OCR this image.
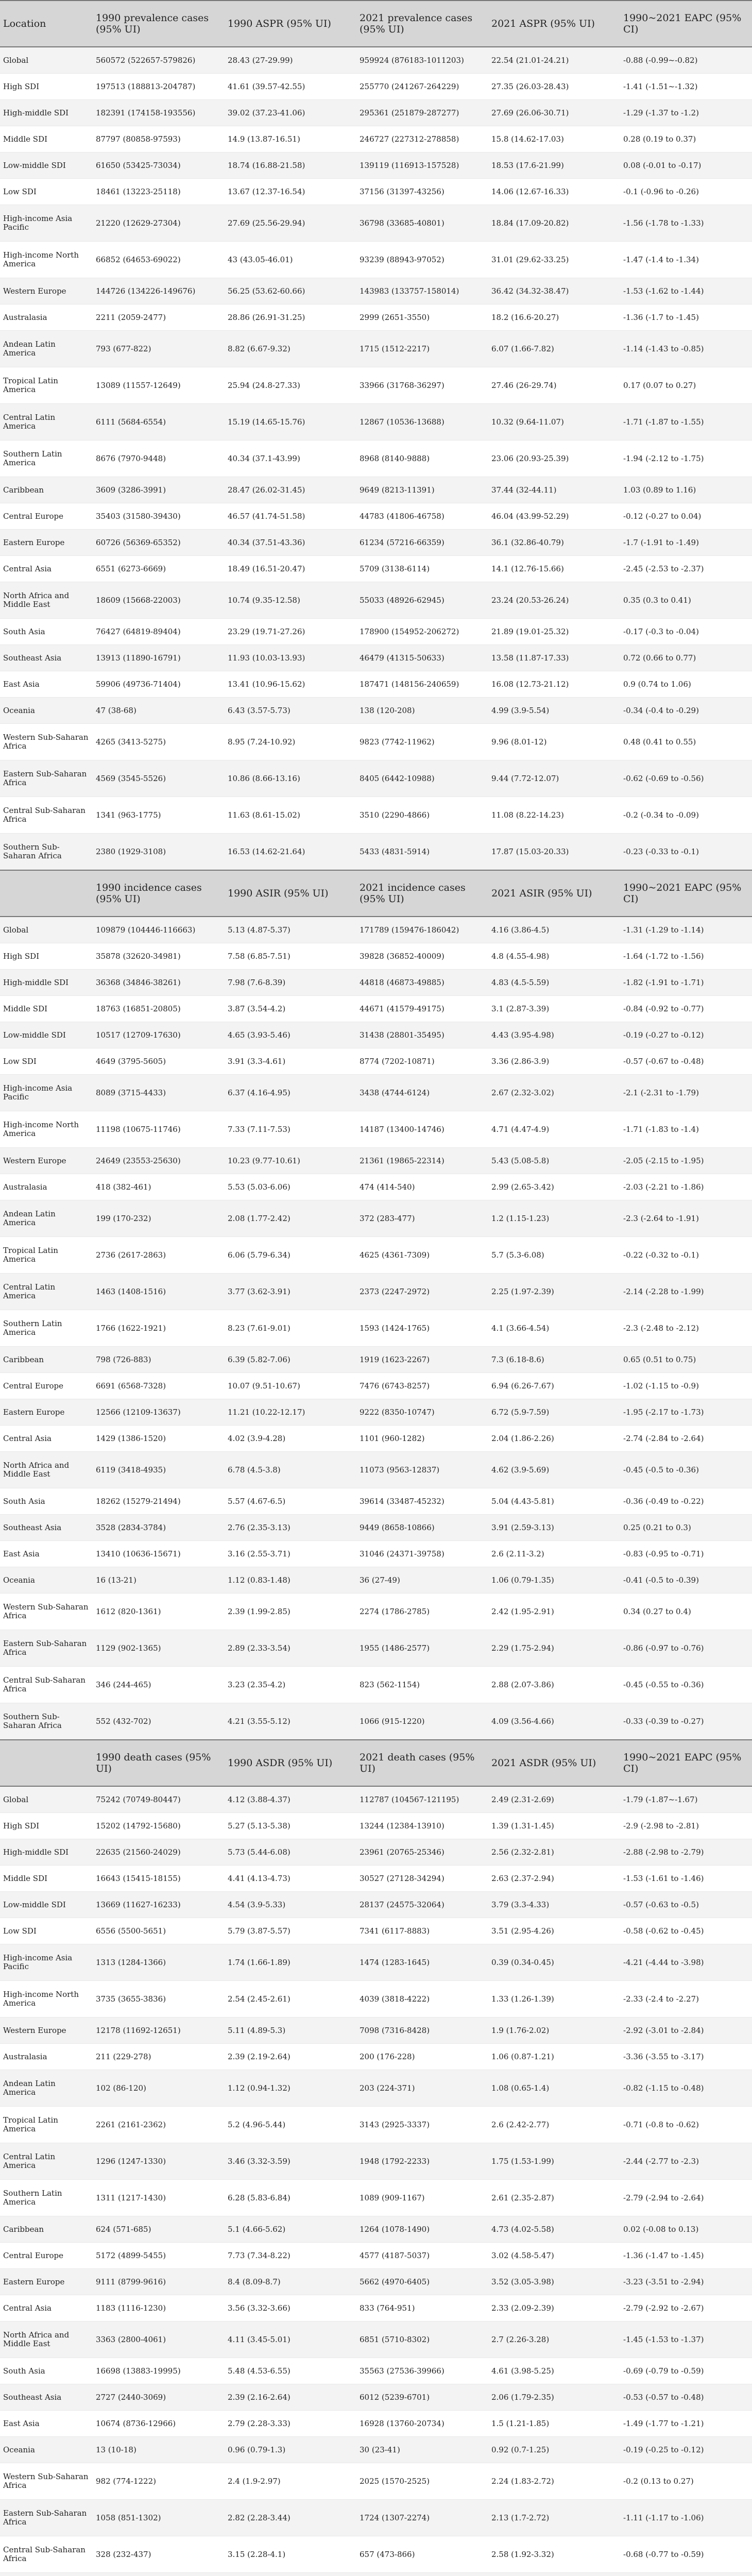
Location	1990 prevalence cases (95% UI)	1990 ASPR (95% UI)	2021 prevalence cases (95% UI)	2021 ASPR (95% UI)	1990~2021 EAPC (95% CI)
Global	560572 (522657-579826)	28.43 (27-29.99)	959924 (876183-1011203)	22.54 (21.01-24.21)	-0.88 (-0.99~-0.82)
High SDI	197513 (188813-204787)	41.61 (39.57-42.55)	255770 (241267-264229)	27.35 (26.03-28.43)	-1.41 (-1.51~-1.32)
High-middle SDI	182391 (174158-193556)	39.02 (37.23-41.06)	295361 (251879-287277)	27.69 (26.06-30.71)	-1.29 (-1.37 to -1.2)
Middle SDI	87797 (80858-97593)	14.9 (13.87-16.51)	246727 (227312-278858)	15.8 (14.62-17.03)	0.28 (0.19 to 0.37)
Low-middle SDI	61650 (53425-73034)	18.74 (16.88-21.58)	139119 (116913-157528)	18.53 (17.6-21.99)	0.08 (-0.01 to -0.17)
Low SDI	18461 (13223-25118)	13.67 (12.37-16.54)	37156 (31397-43256)	14.06 (12.67-16.33)	-0.1 (-0.96 to -0.26)
High-income Asia Pacific	21220 (12629-27304)	27.69 (25.56-29.94)	36798 (33685-40801)	18.84 (17.09-20.82)	-1.56 (-1.78 to -1.33)
High-income North America	66852 (64653-69022)	43 (43.05-46.01)	93239 (88943-97052)	31.01 (29.62-33.25)	-1.47 (-1.4 to -1.34)
Western Europe	144726 (134226-149676)	56.25 (53.62-60.66)	143983 (133757-158014)	36.42 (34.32-38.47)	-1.53 (-1.62 to -1.44)
Australasia	2211 (2059-2477)	28.86 (26.91-31.25)	2999 (2651-3550)	18.2 (16.6-20.27)	-1.36 (-1.7 to -1.45)
Andean Latin America	793 (677-822)	8.82 (6.67-9.32)	1715 (1512-2217)	6.07 (1.66-7.82)	-1.14 (-1.43 to -0.85)
Tropical Latin America	13089 (11557-12649)	25.94 (24.8-27.33)	33966 (31768-36297)	27.46 (26-29.74)	0.17 (0.07 to 0.27)
Central Latin America	6111 (5684-6554)	15.19 (14.65-15.76)	12867 (10536-13688)	10.32 (9.64-11.07)	-1.71 (-1.87 to -1.55)
Southern Latin America	8676 (7970-9448)	40.34 (37.1-43.99)	8968 (8140-9888)	23.06 (20.93-25.39)	-1.94 (-2.12 to -1.75)
Caribbean	3609 (3286-3991)	28.47 (26.02-31.45)	9649 (8213-11391)	37.44 (32-44.11)	1.03 (0.89 to 1.16)
Central Europe	35403 (31580-39430)	46.57 (41.74-51.58)	44783 (41806-46758)	46.04 (43.99-52.29)	-0.12 (-0.27 to 0.04)
Eastern Europe	60726 (56369-65352)	40.34 (37.51-43.36)	61234 (57216-66359)	36.1 (32.86-40.79)	-1.7 (-1.91 to -1.49)
Central Asia	6551 (6273-6669)	18.49 (16.51-20.47)	5709 (3138-6114)	14.1 (12.76-15.66)	-2.45 (-2.53 to -2.37)
North Africa and Middle East	18609 (15668-22003)	10.74 (9.35-12.58)	55033 (48926-62945)	23.24 (20.53-26.24)	0.35 (0.3 to 0.41)
South Asia	76427 (64819-89404)	23.29 (19.71-27.26)	178900 (154952-206272)	21.89 (19.01-25.32)	-0.17 (-0.3 to -0.04)
Southeast Asia	13913 (11890-16791)	11.93 (10.03-13.93)	46479 (41315-50633)	13.58 (11.87-17.33)	0.72 (0.66 to 0.77)
East Asia	59906 (49736-71404)	13.41 (10.96-15.62)	187471 (148156-240659)	16.08 (12.73-21.12)	0.9 (0.74 to 1.06)
Oceania	47 (38-68)	6.43 (3.57-5.73)	138 (120-208)	4.99 (3.9-5.54)	-0.34 (-0.4 to -0.29)
Western Sub-Saharan Africa	4265 (3413-5275)	8.95 (7.24-10.92)	9823 (7742-11962)	9.96 (8.01-12)	0.48 (0.41 to 0.55)
Eastern Sub-Saharan Africa	4569 (3545-5526)	10.86 (8.66-13.16)	8405 (6442-10988)	9.44 (7.72-12.07)	-0.62 (-0.69 to -0.56)
Central Sub-Saharan Africa	1341 (963-1775)	11.63 (8.61-15.02)	3510 (2290-4866)	11.08 (8.22-14.23)	-0.2 (-0.34 to -0.09)
Southern Sub-Saharan Africa	2380 (1929-3108)	16.53 (14.62-21.64)	5433 (4831-5914)	17.87 (15.03-20.33)	-0.23 (-0.33 to -0.1)
	1990 incidence cases (95% UI)	1990 ASIR (95% UI)	2021 incidence cases (95% UI)	2021 ASIR (95% UI)	1990~2021 EAPC (95% CI)
Global	109879 (104446-116663)	5.13 (4.87-5.37)	171789 (159476-186042)	4.16 (3.86-4.5)	-1.31 (-1.29 to -1.14)
High SDI	35878 (32620-34981)	7.58 (6.85-7.51)	39828 (36852-40009)	4.8 (4.55-4.98)	-1.64 (-1.72 to -1.56)
High-middle SDI	36368 (34846-38261)	7.98 (7.6-8.39)	44818 (46873-49885)	4.83 (4.5-5.59)	-1.82 (-1.91 to -1.71)
Middle SDI	18763 (16851-20805)	3.87 (3.54-4.2)	44671 (41579-49175)	3.1 (2.87-3.39)	-0.84 (-0.92 to -0.77)
Low-middle SDI	10517 (12709-17630)	4.65 (3.93-5.46)	31438 (28801-35495)	4.43 (3.95-4.98)	-0.19 (-0.27 to -0.12)
Low SDI	4649 (3795-5605)	3.91 (3.3-4.61)	8774 (7202-10871)	3.36 (2.86-3.9)	-0.57 (-0.67 to -0.48)
High-income Asia Pacific	8089 (3715-4433)	6.37 (4.16-4.95)	3438 (4744-6124)	2.67 (2.32-3.02)	-2.1 (-2.31 to -1.79)
High-income North America	11198 (10675-11746)	7.33 (7.11-7.53)	14187 (13400-14746)	4.71 (4.47-4.9)	-1.71 (-1.83 to -1.4)
Western Europe	24649 (23553-25630)	10.23 (9.77-10.61)	21361 (19865-22314)	5.43 (5.08-5.8)	-2.05 (-2.15 to -1.95)
Australasia	418 (382-461)	5.53 (5.03-6.06)	474 (414-540)	2.99 (2.65-3.42)	-2.03 (-2.21 to -1.86)
Andean Latin America	199 (170-232)	2.08 (1.77-2.42)	372 (283-477)	1.2 (1.15-1.23)	-2.3 (-2.64 to -1.91)
Tropical Latin America	2736 (2617-2863)	6.06 (5.79-6.34)	4625 (4361-7309)	5.7 (5.3-6.08)	-0.22 (-0.32 to -0.1)
Central Latin America	1463 (1408-1516)	3.77 (3.62-3.91)	2373 (2247-2972)	2.25 (1.97-2.39)	-2.14 (-2.28 to -1.99)
Southern Latin America	1766 (1622-1921)	8.23 (7.61-9.01)	1593 (1424-1765)	4.1 (3.66-4.54)	-2.3 (-2.48 to -2.12)
Caribbean	798 (726-883)	6.39 (5.82-7.06)	1919 (1623-2267)	7.3 (6.18-8.6)	0.65 (0.51 to 0.75)
Central Europe	6691 (6568-7328)	10.07 (9.51-10.67)	7476 (6743-8257)	6.94 (6.26-7.67)	-1.02 (-1.15 to -0.9)
Eastern Europe	12566 (12109-13637)	11.21 (10.22-12.17)	9222 (8350-10747)	6.72 (5.9-7.59)	-1.95 (-2.17 to -1.73)
Central Asia	1429 (1386-1520)	4.02 (3.9-4.28)	1101 (960-1282)	2.04 (1.86-2.26)	-2.74 (-2.84 to -2.64)
North Africa and Middle East	6119 (3418-4935)	6.78 (4.5-3.8)	11073 (9563-12837)	4.62 (3.9-5.69)	-0.45 (-0.5 to -0.36)
South Asia	18262 (15279-21494)	5.57 (4.67-6.5)	39614 (33487-45232)	5.04 (4.43-5.81)	-0.36 (-0.49 to -0.22)
Southeast Asia	3528 (2834-3784)	2.76 (2.35-3.13)	9449 (8658-10866)	3.91 (2.59-3.13)	0.25 (0.21 to 0.3)
East Asia	13410 (10636-15671)	3.16 (2.55-3.71)	31046 (24371-39758)	2.6 (2.11-3.2)	-0.83 (-0.95 to -0.71)
Oceania	16 (13-21)	1.12 (0.83-1.48)	36 (27-49)	1.06 (0.79-1.35)	-0.41 (-0.5 to -0.39)
Western Sub-Saharan Africa	1612 (820-1361)	2.39 (1.99-2.85)	2274 (1786-2785)	2.42 (1.95-2.91)	0.34 (0.27 to 0.4)
Eastern Sub-Saharan Africa	1129 (902-1365)	2.89 (2.33-3.54)	1955 (1486-2577)	2.29 (1.75-2.94)	-0.86 (-0.97 to -0.76)
Central Sub-Saharan Africa	346 (244-465)	3.23 (2.35-4.2)	823 (562-1154)	2.88 (2.07-3.86)	-0.45 (-0.55 to -0.36)
Southern Sub-Saharan Africa	552 (432-702)	4.21 (3.55-5.12)	1066 (915-1220)	4.09 (3.56-4.66)	-0.33 (-0.39 to -0.27)
	1990 death cases (95% UI)	1990 ASDR (95% UI)	2021 death cases (95% UI)	2021 ASDR (95% UI)	1990~2021 EAPC (95% CI)
Global	75242 (70749-80447)	4.12 (3.88-4.37)	112787 (104567-121195)	2.49 (2.31-2.69)	-1.79 (-1.87~-1.67)
High SDI	15202 (14792-15680)	5.27 (5.13-5.38)	13244 (12384-13910)	1.39 (1.31-1.45)	-2.9 (-2.98 to -2.81)
High-middle SDI	22635 (21560-24029)	5.73 (5.44-6.08)	23961 (20765-25346)	2.56 (2.32-2.81)	-2.88 (-2.98 to -2.79)
Middle SDI	16643 (15415-18155)	4.41 (4.13-4.73)	30527 (27128-34294)	2.63 (2.37-2.94)	-1.53 (-1.61 to -1.46)
Low-middle SDI	13669 (11627-16233)	4.54 (3.9-5.33)	28137 (24575-32064)	3.79 (3.3-4.33)	-0.57 (-0.63 to -0.5)
Low SDI	6556 (5500-5651)	5.79 (3.87-5.57)	7341 (6117-8883)	3.51 (2.95-4.26)	-0.58 (-0.62 to -0.45)
High-income Asia Pacific	1313 (1284-1366)	1.74 (1.66-1.89)	1474 (1283-1645)	0.39 (0.34-0.45)	-4.21 (-4.44 to -3.98)
High-income North America	3735 (3655-3836)	2.54 (2.45-2.61)	4039 (3818-4222)	1.33 (1.26-1.39)	-2.33 (-2.4 to -2.27)
Western Europe	12178 (11692-12651)	5.11 (4.89-5.3)	7098 (7316-8428)	1.9 (1.76-2.02)	-2.92 (-3.01 to -2.84)
Australasia	211 (229-278)	2.39 (2.19-2.64)	200 (176-228)	1.06 (0.87-1.21)	-3.36 (-3.55 to -3.17)
Andean Latin America	102 (86-120)	1.12 (0.94-1.32)	203 (224-371)	1.08 (0.65-1.4)	-0.82 (-1.15 to -0.48)
Tropical Latin America	2261 (2161-2362)	5.2 (4.96-5.44)	3143 (2925-3337)	2.6 (2.42-2.77)	-0.71 (-0.8 to -0.62)
Central Latin America	1296 (1247-1330)	3.46 (3.32-3.59)	1948 (1792-2233)	1.75 (1.53-1.99)	-2.44 (-2.77 to -2.3)
Southern Latin America	1311 (1217-1430)	6.28 (5.83-6.84)	1089 (909-1167)	2.61 (2.35-2.87)	-2.79 (-2.94 to -2.64)
Caribbean	624 (571-685)	5.1 (4.66-5.62)	1264 (1078-1490)	4.73 (4.02-5.58)	0.02 (-0.08 to 0.13)
Central Europe	5172 (4899-5455)	7.73 (7.34-8.22)	4577 (4187-5037)	3.02 (4.58-5.47)	-1.36 (-1.47 to -1.45)
Eastern Europe	9111 (8799-9616)	8.4 (8.09-8.7)	5662 (4970-6405)	3.52 (3.05-3.98)	-3.23 (-3.51 to -2.94)
Central Asia	1183 (1116-1230)	3.56 (3.32-3.66)	833 (764-951)	2.33 (2.09-2.39)	-2.79 (-2.92 to -2.67)
North Africa and Middle East	3363 (2800-4061)	4.11 (3.45-5.01)	6851 (5710-8302)	2.7 (2.26-3.28)	-1.45 (-1.53 to -1.37)
South Asia	16698 (13883-19995)	5.48 (4.53-6.55)	35563 (27536-39966)	4.61 (3.98-5.25)	-0.69 (-0.79 to -0.59)
Southeast Asia	2727 (2440-3069)	2.39 (2.16-2.64)	6012 (5239-6701)	2.06 (1.79-2.35)	-0.53 (-0.57 to -0.48)
East Asia	10674 (8736-12966)	2.79 (2.28-3.33)	16928 (13760-20734)	1.5 (1.21-1.85)	-1.49 (-1.77 to -1.21)
Oceania	13 (10-18)	0.96 (0.79-1.3)	30 (23-41)	0.92 (0.7-1.25)	-0.19 (-0.25 to -0.12)
Western Sub-Saharan Africa	982 (774-1222)	2.4 (1.9-2.97)	2025 (1570-2525)	2.24 (1.83-2.72)	-0.2 (0.13 to 0.27)
Eastern Sub-Saharan Africa	1058 (851-1302)	2.82 (2.28-3.44)	1724 (1307-2274)	2.13 (1.7-2.72)	-1.11 (-1.17 to -1.06)
Central Sub-Saharan Africa	328 (232-437)	3.15 (2.28-4.1)	657 (473-866)	2.58 (1.92-3.32)	-0.68 (-0.77 to -0.59)
